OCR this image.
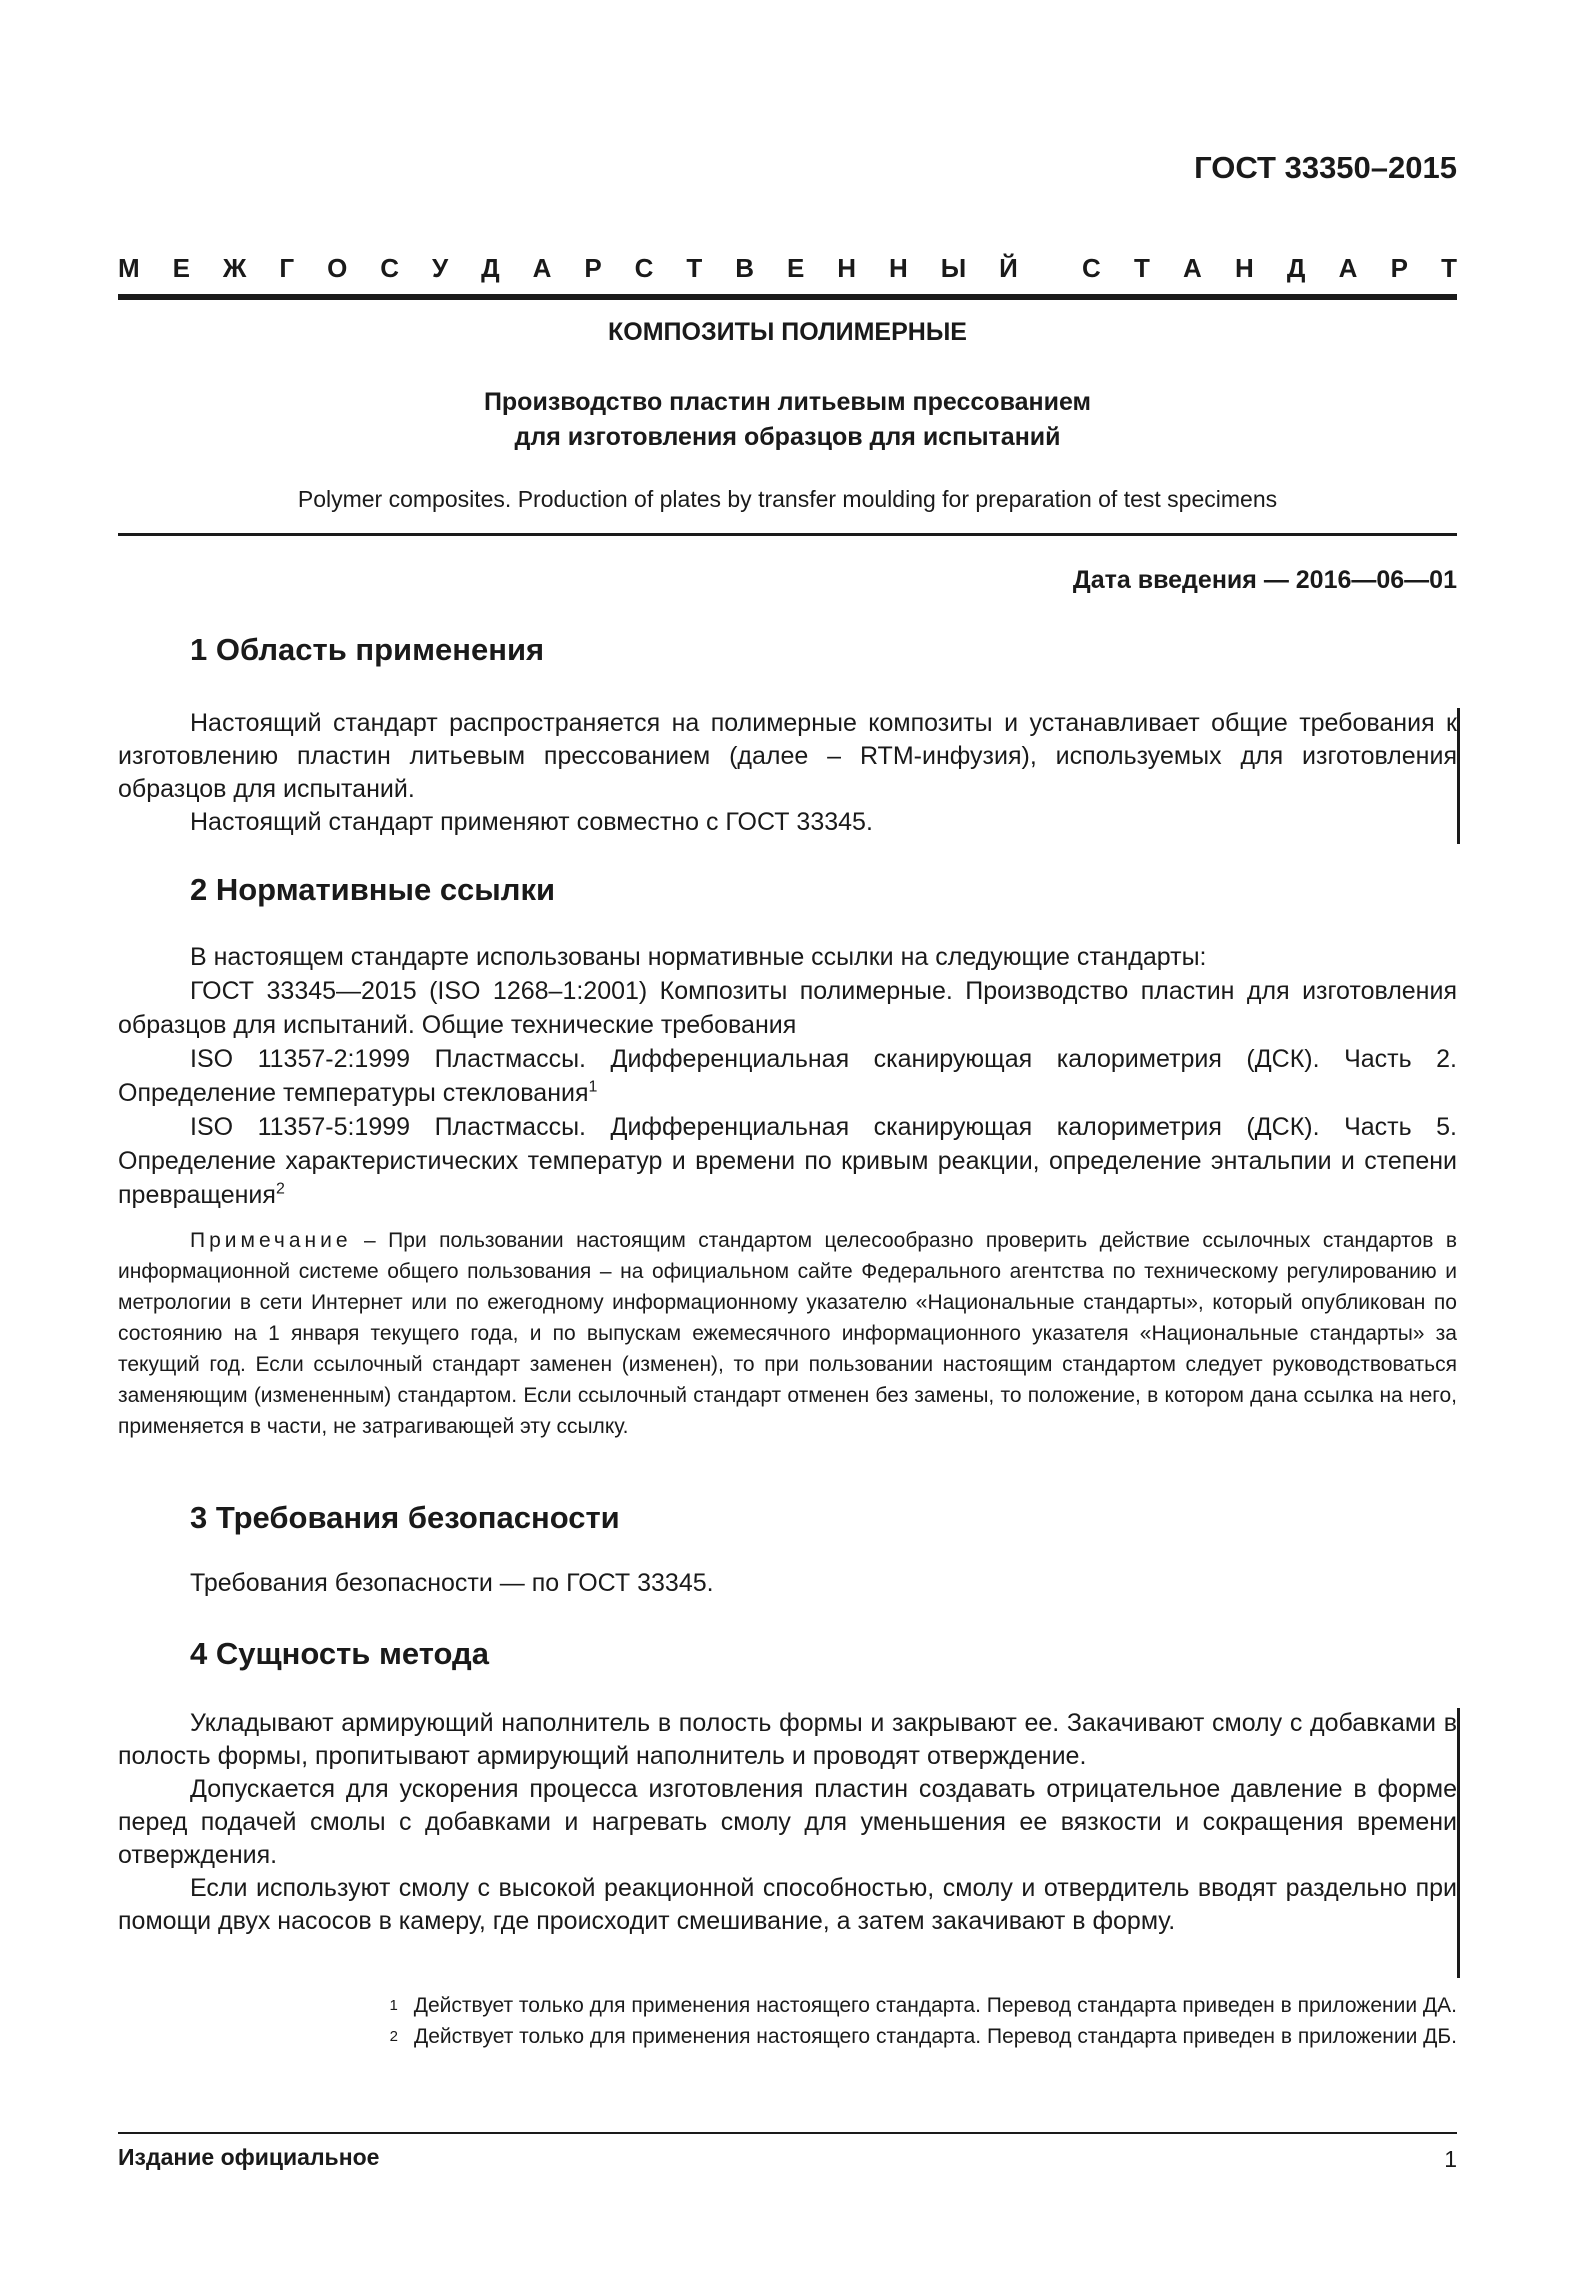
ГОСТ 33350–2015
М Е Ж Г О С У Д А Р С Т В Е Н Н Ы Й С Т А Н Д А Р Т
КОМПОЗИТЫ ПОЛИМЕРНЫЕ
Производство пластин литьевым прессованием
для изготовления образцов для испытаний
Polymer composites. Production of plates by transfer moulding for preparation of test specimens
Дата введения — 2016—06—01
1 Область применения

Настоящий стандарт распространяется на полимерные композиты и устанавливает общие требования к изготовлению пластин литьевым прессованием (далее – RTM-инфузия), используемых для изготовления образцов для испытаний.

Настоящий стандарт применяют совместно с ГОСТ 33345.

2 Нормативные ссылки

В настоящем стандарте использованы нормативные ссылки на следующие стандарты:

ГОСТ 33345—2015 (ISO 1268–1:2001) Композиты полимерные. Производство пластин для изготовления образцов для испытаний. Общие технические требования

ISO 11357-2:1999 Пластмассы. Дифференциальная сканирующая калориметрия (ДСК). Часть 2. Определение температуры стеклования$^1$

ISO 11357-5:1999 Пластмассы. Дифференциальная сканирующая калориметрия (ДСК). Часть 5. Определение характеристических температур и времени по кривым реакции, определение энтальпии и степени превращения$^2$

Примечание – При пользовании настоящим стандартом целесообразно проверить действие ссылочных стандартов в информационной системе общего пользования – на официальном сайте Федерального агентства по техническому регулированию и метрологии в сети Интернет или по ежегодному информационному указателю «Национальные стандарты», который опубликован по состоянию на 1 января текущего года, и по выпускам ежемесячного информационного указателя «Национальные стандарты» за текущий год. Если ссылочный стандарт заменен (изменен), то при пользовании настоящим стандартом следует руководствоваться заменяющим (измененным) стандартом. Если ссылочный стандарт отменен без замены, то положение, в котором дана ссылка на него, применяется в части, не затрагивающей эту ссылку.
3 Требования безопасности

Требования безопасности — по ГОСТ 33345.

4 Сущность метода

Укладывают армирующий наполнитель в полость формы и закрывают ее. Закачивают смолу с добавками в полость формы, пропитывают армирующий наполнитель и проводят отверждение.

Допускается для ускорения процесса изготовления пластин создавать отрицательное давление в форме перед подачей смолы с добавками и нагревать смолу для уменьшения ее вязкости и сокращения времени отверждения.

Если используют смолу с высокой реакционной способностью, смолу и отвердитель вводят раздельно при помощи двух насосов в камеру, где происходит смешивание, а затем закачивают в форму.

1 Действует только для применения настоящего стандарта. Перевод стандарта приведен в приложении ДА.
2 Действует только для применения настоящего стандарта. Перевод стандарта приведен в приложении ДБ.
Издание официальное	1
